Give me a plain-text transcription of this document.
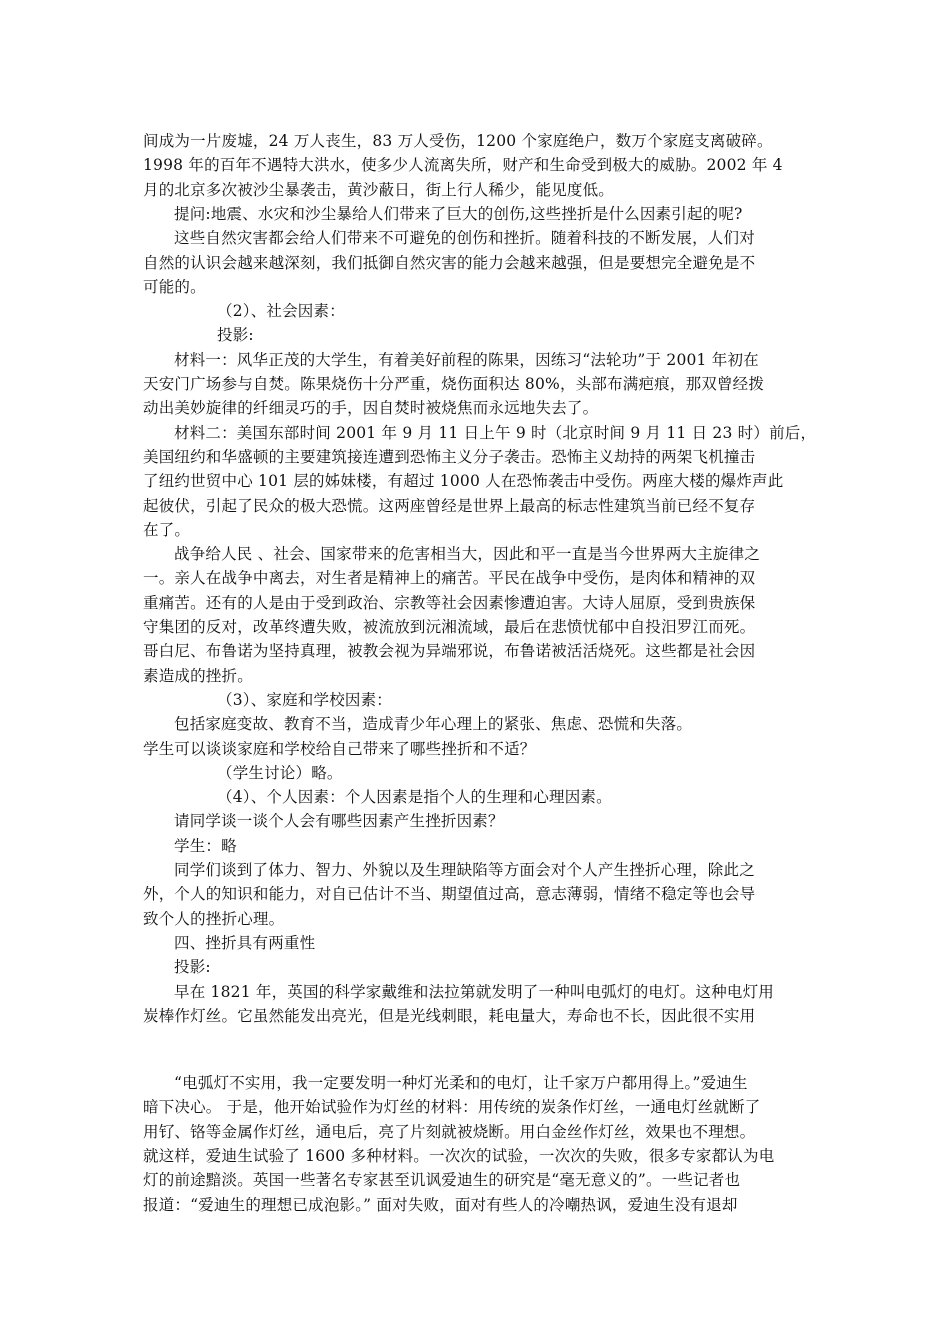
间成为一片废墟，24 万人丧生，83 万人受伤，1200 个家庭绝户，数万个家庭支离破碎。
1998 年的百年不遇特大洪水，使多少人流离失所，财产和生命受到极大的威胁。2002 年 4
月的北京多次被沙尘暴袭击，黄沙蔽日，街上行人稀少，能见度低。
提问:地震、水灾和沙尘暴给人们带来了巨大的创伤,这些挫折是什么因素引起的呢?
这些自然灾害都会给人们带来不可避免的创伤和挫折。随着科技的不断发展，人们对
自然的认识会越来越深刻，我们抵御自然灾害的能力会越来越强，但是要想完全避免是不
可能的。
（2）、社会因素：
投影:
材料一：风华正茂的大学生，有着美好前程的陈果，因练习“法轮功”于 2001 年初在
天安门广场参与自焚。陈果烧伤十分严重，烧伤面积达 80%，头部布满疤痕，那双曾经拨
动出美妙旋律的纤细灵巧的手，因自焚时被烧焦而永远地失去了。
材料二：美国东部时间 2001 年 9 月 11 日上午 9 时（北京时间 9 月 11 日 23 时）前后，
美国纽约和华盛顿的主要建筑接连遭到恐怖主义分子袭击。恐怖主义劫持的两架飞机撞击
了纽约世贸中心 101 层的姊妹楼，有超过 1000 人在恐怖袭击中受伤。两座大楼的爆炸声此
起彼伏，引起了民众的极大恐慌。这两座曾经是世界上最高的标志性建筑当前已经不复存
在了。
战争给人民 、社会、国家带来的危害相当大，因此和平一直是当今世界两大主旋律之
一。亲人在战争中离去，对生者是精神上的痛苦。平民在战争中受伤，是肉体和精神的双
重痛苦。还有的人是由于受到政治、宗教等社会因素惨遭迫害。大诗人屈原，受到贵族保
守集团的反对，改革终遭失败，被流放到沅湘流域，最后在悲愤忧郁中自投汨罗江而死。
哥白尼、布鲁诺为坚持真理，被教会视为异端邪说，布鲁诺被活活烧死。这些都是社会因
素造成的挫折。
（3）、家庭和学校因素：
包括家庭变故、教育不当，造成青少年心理上的紧张、焦虑、恐慌和失落。
学生可以谈谈家庭和学校给自己带来了哪些挫折和不适？
（学生讨论）略。
（4）、个人因素：个人因素是指个人的生理和心理因素。
请同学谈一谈个人会有哪些因素产生挫折因素？
学生：略
同学们谈到了体力、智力、外貌以及生理缺陷等方面会对个人产生挫折心理，除此之
外，个人的知识和能力，对自已估计不当、期望值过高，意志薄弱，情绪不稳定等也会导
致个人的挫折心理。
四、挫折具有两重性
投影:
早在 1821 年，英国的科学家戴维和法拉第就发明了一种叫电弧灯的电灯。这种电灯用
炭棒作灯丝。它虽然能发出亮光，但是光线刺眼，耗电量大，寿命也不长，因此很不实用
“电弧灯不实用，我一定要发明一种灯光柔和的电灯，让千家万户都用得上。”爱迪生
暗下决心。 于是，他开始试验作为灯丝的材料：用传统的炭条作灯丝，一通电灯丝就断了
用钌、铬等金属作灯丝，通电后，亮了片刻就被烧断。用白金丝作灯丝，效果也不理想。
就这样，爱迪生试验了 1600 多种材料。一次次的试验，一次次的失败，很多专家都认为电
灯的前途黯淡。英国一些著名专家甚至讥讽爱迪生的研究是“毫无意义的”。一些记者也
报道：“爱迪生的理想已成泡影。” 面对失败，面对有些人的冷嘲热讽，爱迪生没有退却
